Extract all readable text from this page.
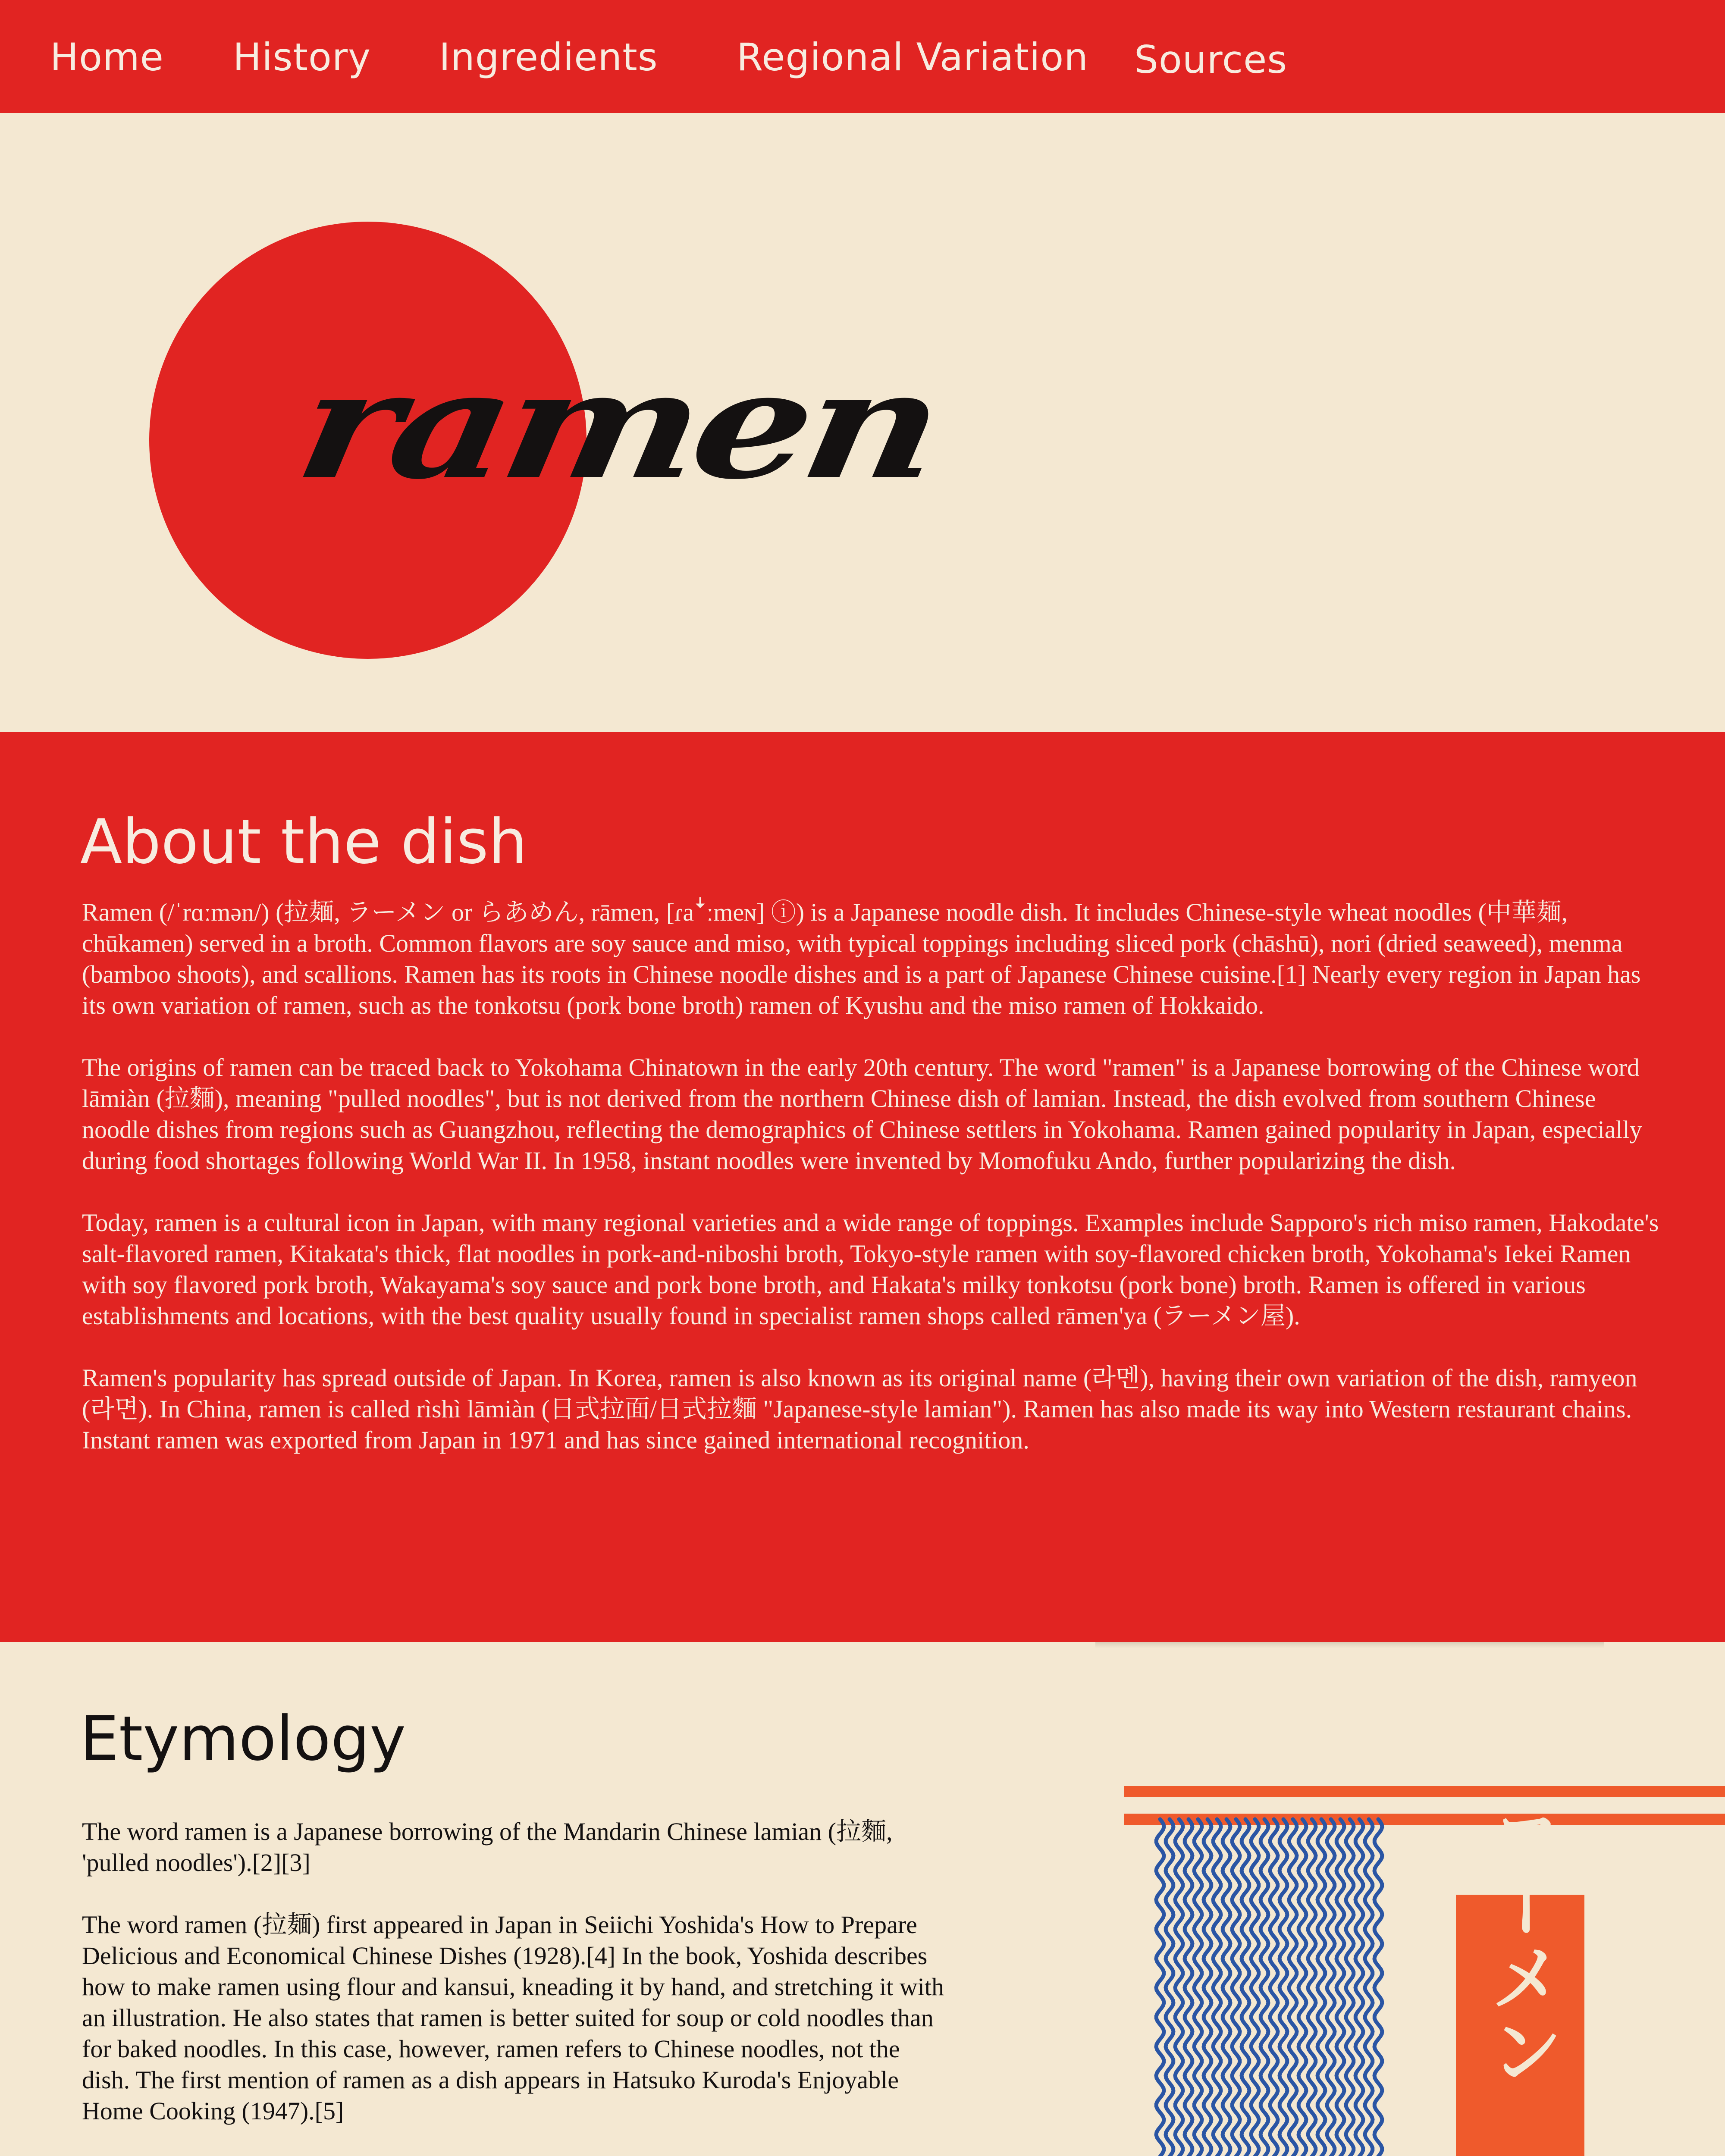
Home History Ingredients Regional Variation Sources
ramen
About the dish

Ramen (/ˈrɑːmən/) (拉麺, ラーメン or らあめん, rāmen, [ɾaꜜːmeɴ] ⓘ) is a Japanese noodle dish. It includes Chinese-style wheat noodles (中華麺, chūkamen) served in a broth. Common flavors are soy sauce and miso, with typical toppings including sliced pork (chāshū), nori (dried seaweed), menma (bamboo shoots), and scallions. Ramen has its roots in Chinese noodle dishes and is a part of Japanese Chinese cuisine.[1] Nearly every region in Japan has its own variation of ramen, such as the tonkotsu (pork bone broth) ramen of Kyushu and the miso ramen of Hokkaido.

The origins of ramen can be traced back to Yokohama Chinatown in the early 20th century. The word "ramen" is a Japanese borrowing of the Chinese word lāmiàn (拉麵), meaning "pulled noodles", but is not derived from the northern Chinese dish of lamian. Instead, the dish evolved from southern Chinese noodle dishes from regions such as Guangzhou, reflecting the demographics of Chinese settlers in Yokohama. Ramen gained popularity in Japan, especially during food shortages following World War II. In 1958, instant noodles were invented by Momofuku Ando, further popularizing the dish.

Today, ramen is a cultural icon in Japan, with many regional varieties and a wide range of toppings. Examples include Sapporo's rich miso ramen, Hakodate's salt-flavored ramen, Kitakata's thick, flat noodles in pork-and-niboshi broth, Tokyo-style ramen with soy-flavored chicken broth, Yokohama's Iekei Ramen with soy flavored pork broth, Wakayama's soy sauce and pork bone broth, and Hakata's milky tonkotsu (pork bone) broth. Ramen is offered in various establishments and locations, with the best quality usually found in specialist ramen shops called rāmen'ya (ラーメン屋).

Ramen's popularity has spread outside of Japan. In Korea, ramen is also known as its original name (라멘), having their own variation of the dish, ramyeon (라면). In China, ramen is called rìshì lāmiàn (日式拉面/日式拉麵 "Japanese-style lamian"). Ramen has also made its way into Western restaurant chains. Instant ramen was exported from Japan in 1971 and has since gained international recognition.

Etymology

The word ramen is a Japanese borrowing of the Mandarin Chinese lamian (拉麵, 'pulled noodles').[2][3]

The word ramen (拉麺) first appeared in Japan in Seiichi Yoshida's How to Prepare Delicious and Economical Chinese Dishes (1928).[4] In the book, Yoshida describes how to make ramen using flour and kansui, kneading it by hand, and stretching it with an illustration. He also states that ramen is better suited for soup or cold noodles than for baked noodles. In this case, however, ramen refers to Chinese noodles, not the dish. The first mention of ramen as a dish appears in Hatsuko Kuroda's Enjoyable Home Cooking (1947).[5]

ラーメン
